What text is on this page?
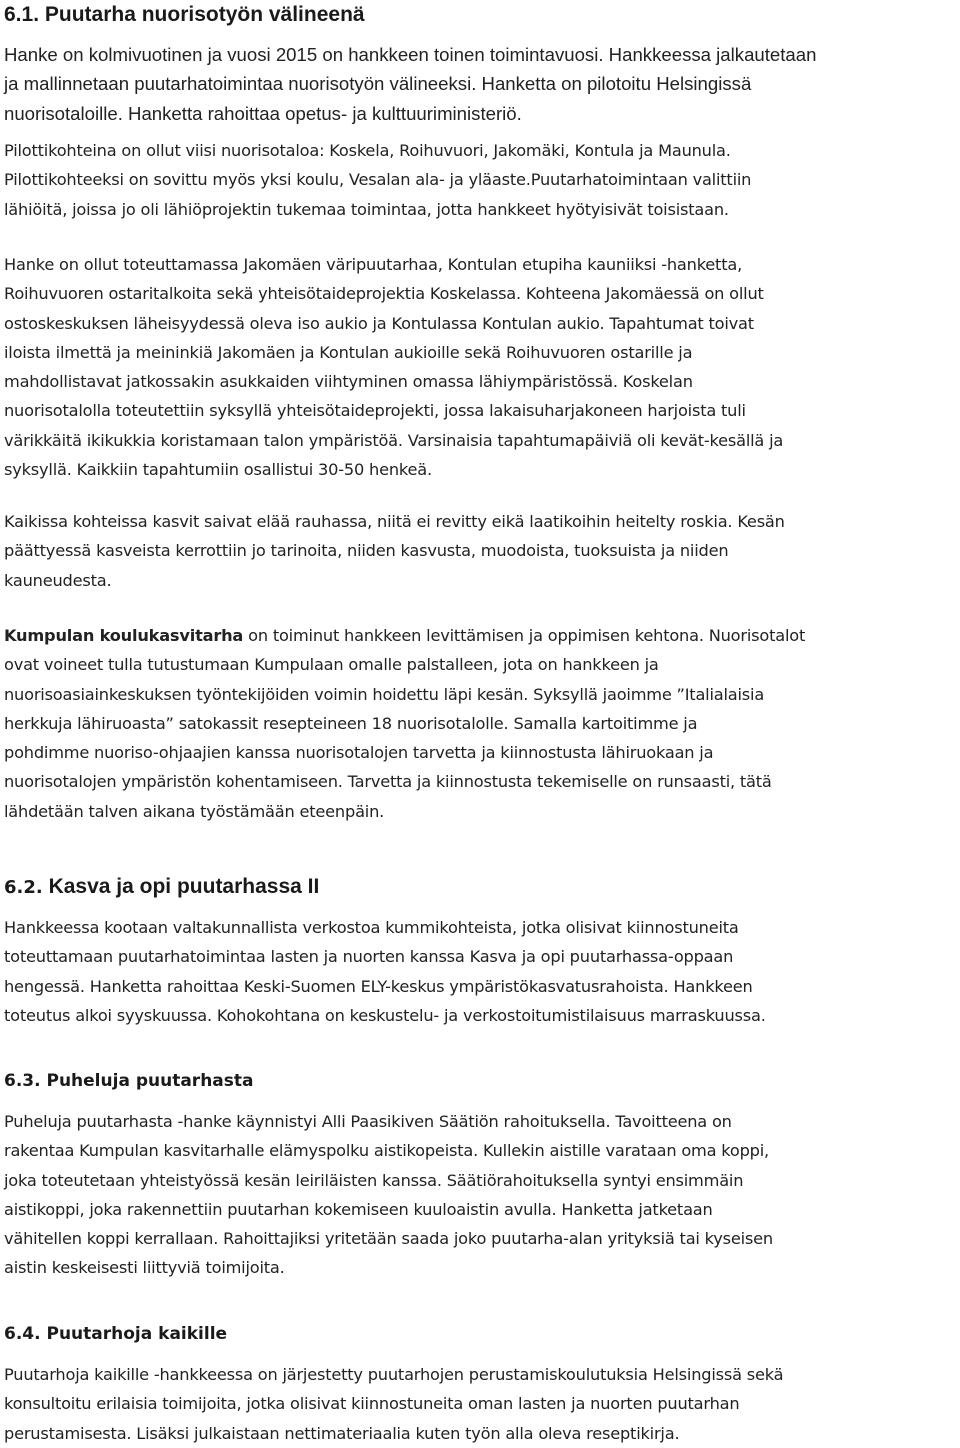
6.1. Puutarha nuorisotyön välineenä

Hanke on kolmivuotinen ja vuosi 2015 on hankkeen toinen toimintavuosi. Hankkeessa jalkautetaan

ja mallinnetaan puutarhatoimintaa nuorisotyön välineeksi. Hanketta on pilotoitu Helsingissä

nuorisotaloille. Hanketta rahoittaa opetus- ja kulttuuriministeriö.

Pilottikohteina on ollut viisi nuorisotaloa: Koskela, Roihuvuori, Jakomäki, Kontula ja Maunula.

Pilottikohteeksi on sovittu myös yksi koulu, Vesalan ala- ja yläaste.Puutarhatoimintaan valittiin

lähiöitä, joissa jo oli lähiöprojektin tukemaa toimintaa, jotta hankkeet hyötyisivät toisistaan.

Hanke on ollut toteuttamassa Jakomäen väripuutarhaa, Kontulan etupiha kauniiksi -hanketta,

Roihuvuoren ostaritalkoita sekä yhteisötaideprojektia Koskelassa. Kohteena Jakomäessä on ollut

ostoskeskuksen läheisyydessä oleva iso aukio ja Kontulassa Kontulan aukio. Tapahtumat toivat

iloista ilmettä ja meininkiä Jakomäen ja Kontulan aukioille sekä Roihuvuoren ostarille ja

mahdollistavat jatkossakin asukkaiden viihtyminen omassa lähiympäristössä. Koskelan

nuorisotalolla toteutettiin syksyllä yhteisötaideprojekti, jossa lakaisuharjakoneen harjoista tuli

värikkäitä ikikukkia koristamaan talon ympäristöä. Varsinaisia tapahtumapäiviä oli kevät-kesällä ja

syksyllä. Kaikkiin tapahtumiin osallistui 30-50 henkeä.

Kaikissa kohteissa kasvit saivat elää rauhassa, niitä ei revitty eikä laatikoihin heitelty roskia. Kesän

päättyessä kasveista kerrottiin jo tarinoita, niiden kasvusta, muodoista, tuoksuista ja niiden

kauneudesta.

Kumpulan koulukasvitarha on toiminut hankkeen levittämisen ja oppimisen kehtona. Nuorisotalot

ovat voineet tulla tutustumaan Kumpulaan omalle palstalleen, jota on hankkeen ja

nuorisoasiainkeskuksen työntekijöiden voimin hoidettu läpi kesän. Syksyllä jaoimme ”Italialaisia

herkkuja lähiruoasta” satokassit resepteineen 18 nuorisotalolle. Samalla kartoitimme ja

pohdimme nuoriso-ohjaajien kanssa nuorisotalojen tarvetta ja kiinnostusta lähiruokaan ja

nuorisotalojen ympäristön kohentamiseen. Tarvetta ja kiinnostusta tekemiselle on runsaasti, tätä

lähdetään talven aikana työstämään eteenpäin.

6.2. Kasva ja opi puutarhassa II

Hankkeessa kootaan valtakunnallista verkostoa kummikohteista, jotka olisivat kiinnostuneita

toteuttamaan puutarhatoimintaa lasten ja nuorten kanssa Kasva ja opi puutarhassa-oppaan

hengessä. Hanketta rahoittaa Keski-Suomen ELY-keskus ympäristökasvatusrahoista. Hankkeen

toteutus alkoi syyskuussa. Kohokohtana on keskustelu- ja verkostoitumistilaisuus marraskuussa.

6.3. Puheluja puutarhasta

Puheluja puutarhasta -hanke käynnistyi Alli Paasikiven Säätiön rahoituksella. Tavoitteena on

rakentaa Kumpulan kasvitarhalle elämyspolku aistikopeista. Kullekin aistille varataan oma koppi,

joka toteutetaan yhteistyössä kesän leiriläisten kanssa. Säätiörahoituksella syntyi ensimmäin

aistikoppi, joka rakennettiin puutarhan kokemiseen kuuloaistin avulla. Hanketta jatketaan

vähitellen koppi kerrallaan. Rahoittajiksi yritetään saada joko puutarha-alan yrityksiä tai kyseisen

aistin keskeisesti liittyviä toimijoita.

6.4. Puutarhoja kaikille

Puutarhoja kaikille -hankkeessa on järjestetty puutarhojen perustamiskoulutuksia Helsingissä sekä

konsultoitu erilaisia toimijoita, jotka olisivat kiinnostuneita oman lasten ja nuorten puutarhan

perustamisesta. Lisäksi julkaistaan nettimateriaalia kuten työn alla oleva reseptikirja.
